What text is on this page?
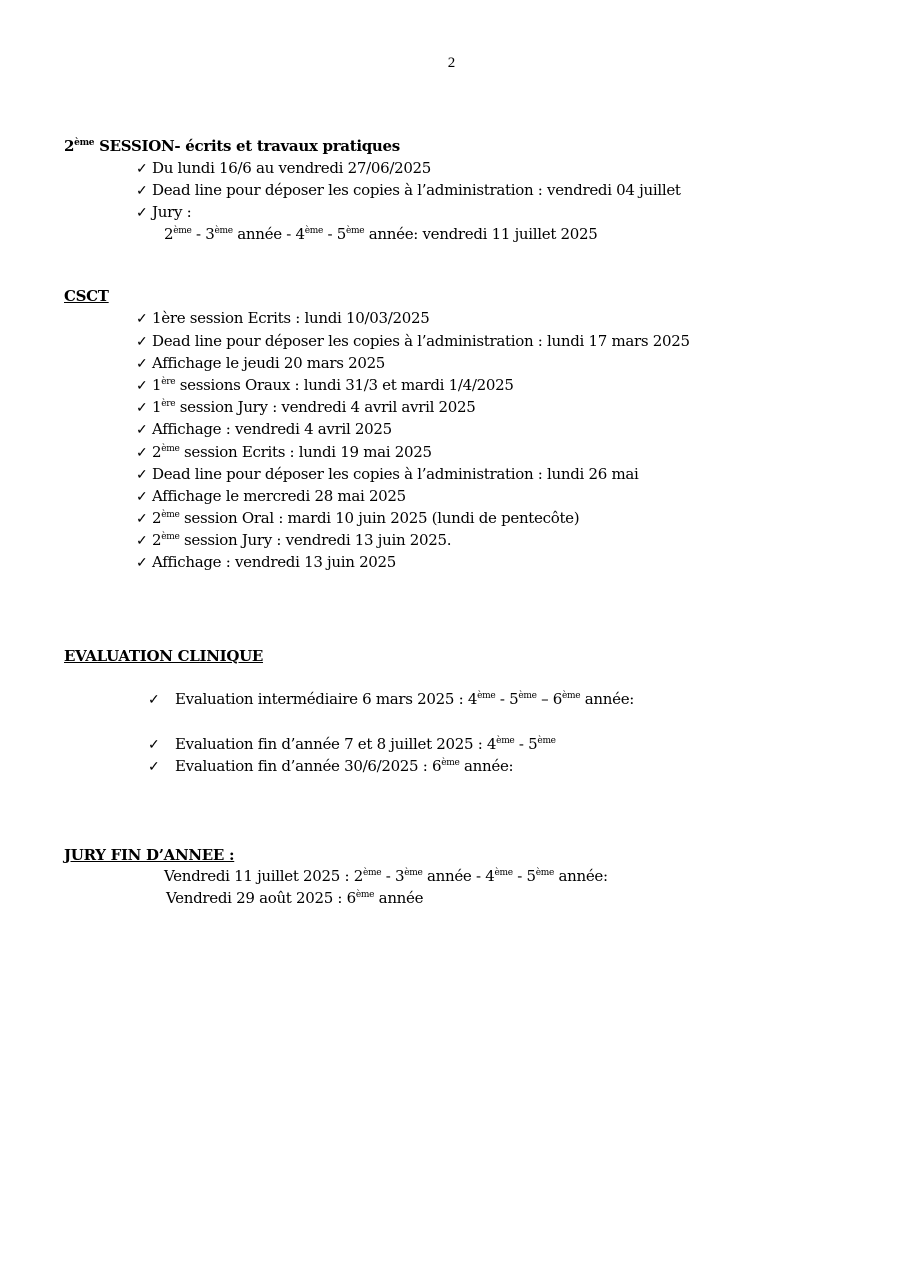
2
2ème SESSION- écrits et travaux pratiques
✓ Du lundi 16/6 au vendredi 27/06/2025
✓ Dead line pour déposer les copies à l’administration : vendredi 04 juillet
✓ Jury :
2ème - 3ème année - 4ème - 5ème année: vendredi 11 juillet 2025
CSCT
✓ 1ère session Ecrits : lundi 10/03/2025
✓ Dead line pour déposer les copies à l’administration : lundi 17 mars 2025
✓ Affichage le jeudi 20 mars 2025
✓ 1ère sessions Oraux : lundi 31/3 et mardi 1/4/2025
✓ 1ère session Jury : vendredi 4 avril avril 2025
✓ Affichage : vendredi 4 avril 2025
✓ 2ème session Ecrits : lundi 19 mai 2025
✓ Dead line pour déposer les copies à l’administration : lundi 26 mai
✓ Affichage le mercredi 28 mai 2025
✓ 2ème session Oral : mardi 10 juin 2025 (lundi de pentecôte)
✓ 2ème session Jury : vendredi 13 juin 2025.
✓ Affichage : vendredi 13 juin 2025
EVALUATION CLINIQUE
✓ Evaluation intermédiaire 6 mars 2025 : 4ème - 5ème – 6ème année:
✓ Evaluation fin d’année 7 et 8 juillet 2025 : 4ème - 5ème
✓ Evaluation fin d’année 30/6/2025 : 6ème année:
JURY FIN D’ANNEE :
Vendredi 11 juillet 2025 : 2ème - 3ème année - 4ème - 5ème année:
Vendredi 29 août 2025 : 6ème année
